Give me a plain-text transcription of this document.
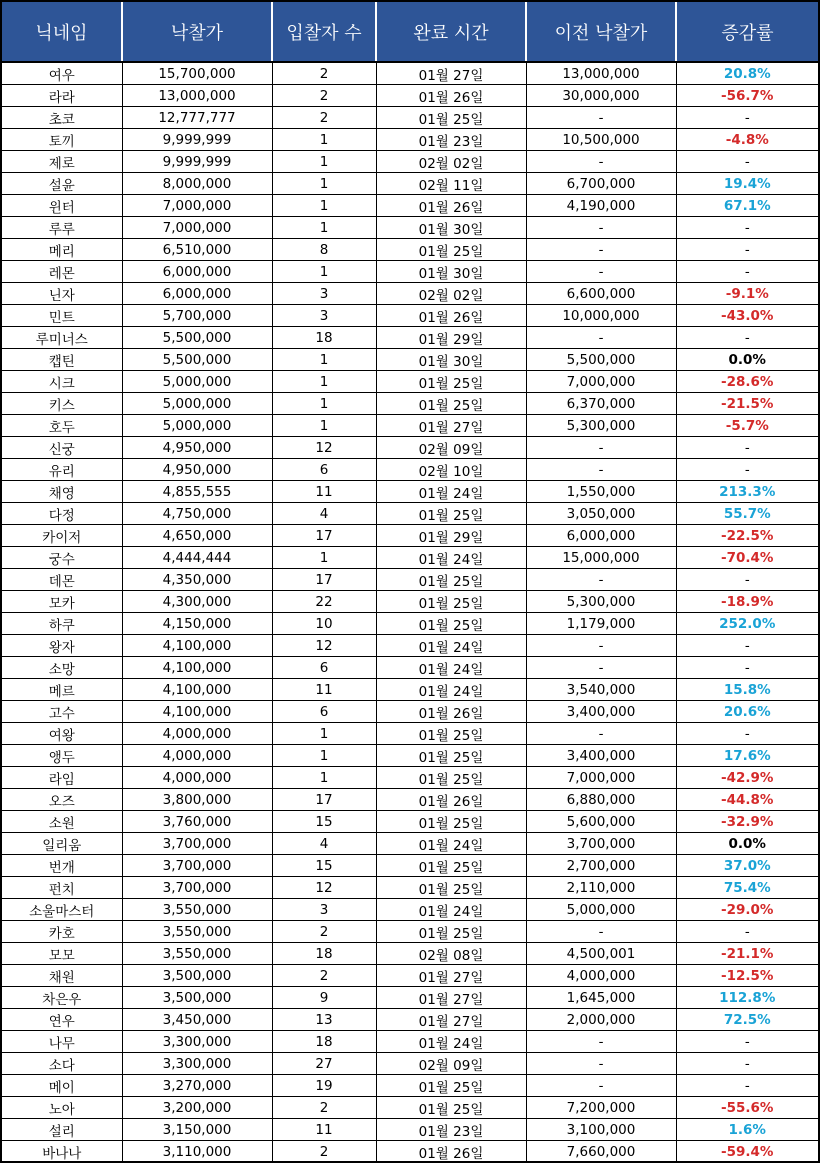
닉네임	낙찰가	입찰자 수	완료 시간	이전 낙찰가	증감률
여우	15,700,000	2	01월 27일	13,000,000	20.8%
라라	13,000,000	2	01월 26일	30,000,000	-56.7%
초코	12,777,777	2	01월 25일	-	-
토끼	9,999,999	1	01월 23일	10,500,000	-4.8%
제로	9,999,999	1	02월 02일	-	-
설윤	8,000,000	1	02월 11일	6,700,000	19.4%
윈터	7,000,000	1	01월 26일	4,190,000	67.1%
루루	7,000,000	1	01월 30일	-	-
메리	6,510,000	8	01월 25일	-	-
레몬	6,000,000	1	01월 30일	-	-
닌자	6,000,000	3	02월 02일	6,600,000	-9.1%
민트	5,700,000	3	01월 26일	10,000,000	-43.0%
루미너스	5,500,000	18	01월 29일	-	-
캡틴	5,500,000	1	01월 30일	5,500,000	0.0%
시크	5,000,000	1	01월 25일	7,000,000	-28.6%
키스	5,000,000	1	01월 25일	6,370,000	-21.5%
호두	5,000,000	1	01월 27일	5,300,000	-5.7%
신궁	4,950,000	12	02월 09일	-	-
유리	4,950,000	6	02월 10일	-	-
채영	4,855,555	11	01월 24일	1,550,000	213.3%
다정	4,750,000	4	01월 25일	3,050,000	55.7%
카이저	4,650,000	17	01월 29일	6,000,000	-22.5%
궁수	4,444,444	1	01월 24일	15,000,000	-70.4%
데몬	4,350,000	17	01월 25일	-	-
모카	4,300,000	22	01월 25일	5,300,000	-18.9%
하쿠	4,150,000	10	01월 25일	1,179,000	252.0%
왕자	4,100,000	12	01월 24일	-	-
소망	4,100,000	6	01월 24일	-	-
메르	4,100,000	11	01월 24일	3,540,000	15.8%
고수	4,100,000	6	01월 26일	3,400,000	20.6%
여왕	4,000,000	1	01월 25일	-	-
앵두	4,000,000	1	01월 25일	3,400,000	17.6%
라임	4,000,000	1	01월 25일	7,000,000	-42.9%
오즈	3,800,000	17	01월 26일	6,880,000	-44.8%
소원	3,760,000	15	01월 25일	5,600,000	-32.9%
일리움	3,700,000	4	01월 24일	3,700,000	0.0%
번개	3,700,000	15	01월 25일	2,700,000	37.0%
펀치	3,700,000	12	01월 25일	2,110,000	75.4%
소울마스터	3,550,000	3	01월 24일	5,000,000	-29.0%
카호	3,550,000	2	01월 25일	-	-
모모	3,550,000	18	02월 08일	4,500,001	-21.1%
채원	3,500,000	2	01월 27일	4,000,000	-12.5%
차은우	3,500,000	9	01월 27일	1,645,000	112.8%
연우	3,450,000	13	01월 27일	2,000,000	72.5%
나무	3,300,000	18	01월 24일	-	-
소다	3,300,000	27	02월 09일	-	-
메이	3,270,000	19	01월 25일	-	-
노아	3,200,000	2	01월 25일	7,200,000	-55.6%
설리	3,150,000	11	01월 23일	3,100,000	1.6%
바나나	3,110,000	2	01월 26일	7,660,000	-59.4%
